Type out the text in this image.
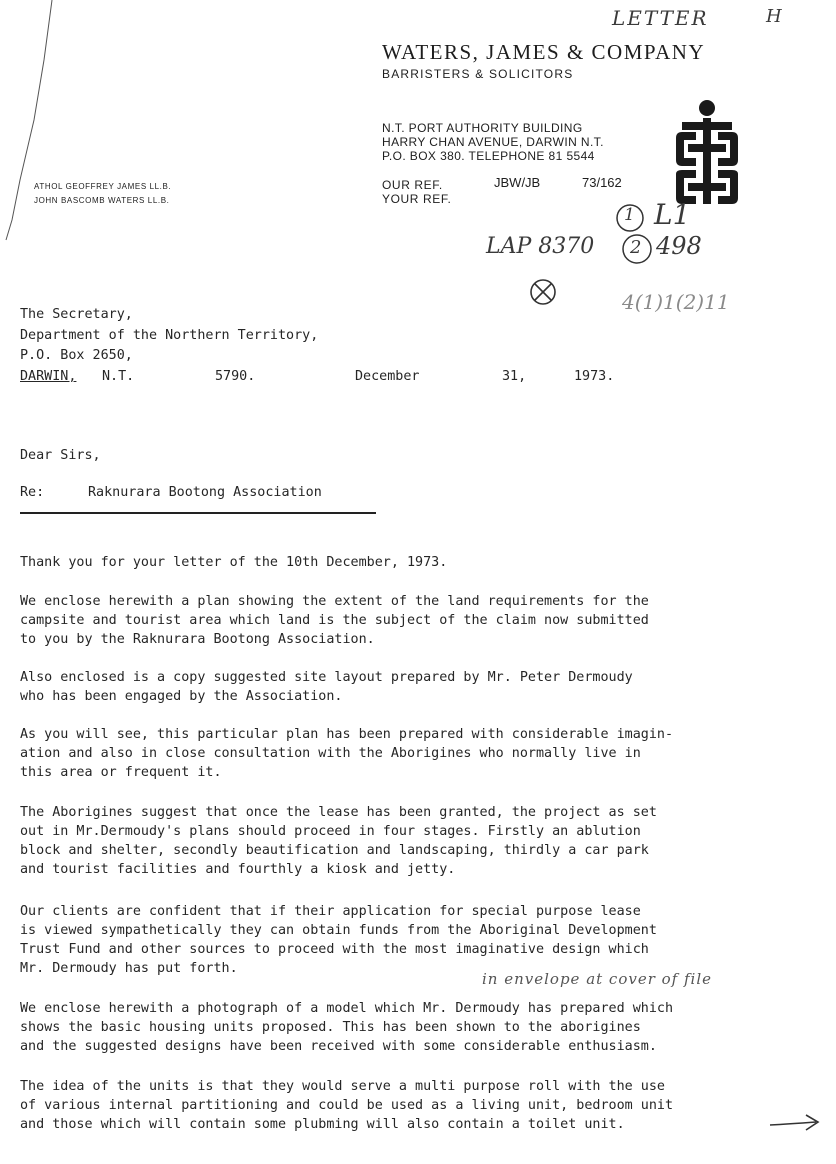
LETTER	H
WATERS, JAMES & COMPANY
BARRISTERS & SOLICITORS
N.T. PORT AUTHORITY BUILDING
HARRY CHAN AVENUE, DARWIN N.T.
P.O. BOX 380. TELEPHONE 81 5544
OUR REF.
YOUR REF.
JBW/JB	73/162
ATHOL GEOFFREY JAMES LL.B.
JOHN BASCOMB WATERS LL.B.
1 L1
LAP 8370 2 498
4(1)1(2)11
The Secretary,
Department of the Northern Territory,
P.O. Box 2650,
DARWIN, N.T.	5790.	December	31,	1973.
Dear Sirs,
Re:	Raknurara Bootong Association
Thank you for your letter of the 10th December, 1973.
We enclose herewith a plan showing the extent of the land requirements for the
campsite and tourist area which land is the subject of the claim now submitted
to you by the Raknurara Bootong Association.
Also enclosed is a copy suggested site layout prepared by Mr. Peter Dermoudy
who has been engaged by the Association.
As you will see, this particular plan has been prepared with considerable imagin-
ation and also in close consultation with the Aborigines who normally live in
this area or frequent it.
The Aborigines suggest that once the lease has been granted, the project as set
out in Mr.Dermoudy's plans should proceed in four stages. Firstly an ablution
block and shelter, secondly beautification and landscaping, thirdly a car park
and tourist facilities and fourthly a kiosk and jetty.
Our clients are confident that if their application for special purpose lease
is viewed sympathetically they can obtain funds from the Aboriginal Development
Trust Fund and other sources to proceed with the most imaginative design which
Mr. Dermoudy has put forth.
in envelope at cover of file
We enclose herewith a photograph of a model which Mr. Dermoudy has prepared which
shows the basic housing units proposed. This has been shown to the aborigines
and the suggested designs have been received with some considerable enthusiasm.
The idea of the units is that they would serve a multi purpose roll with the use
of various internal partitioning and could be used as a living unit, bedroom unit
and those which will contain some plubming will also contain a toilet unit.
